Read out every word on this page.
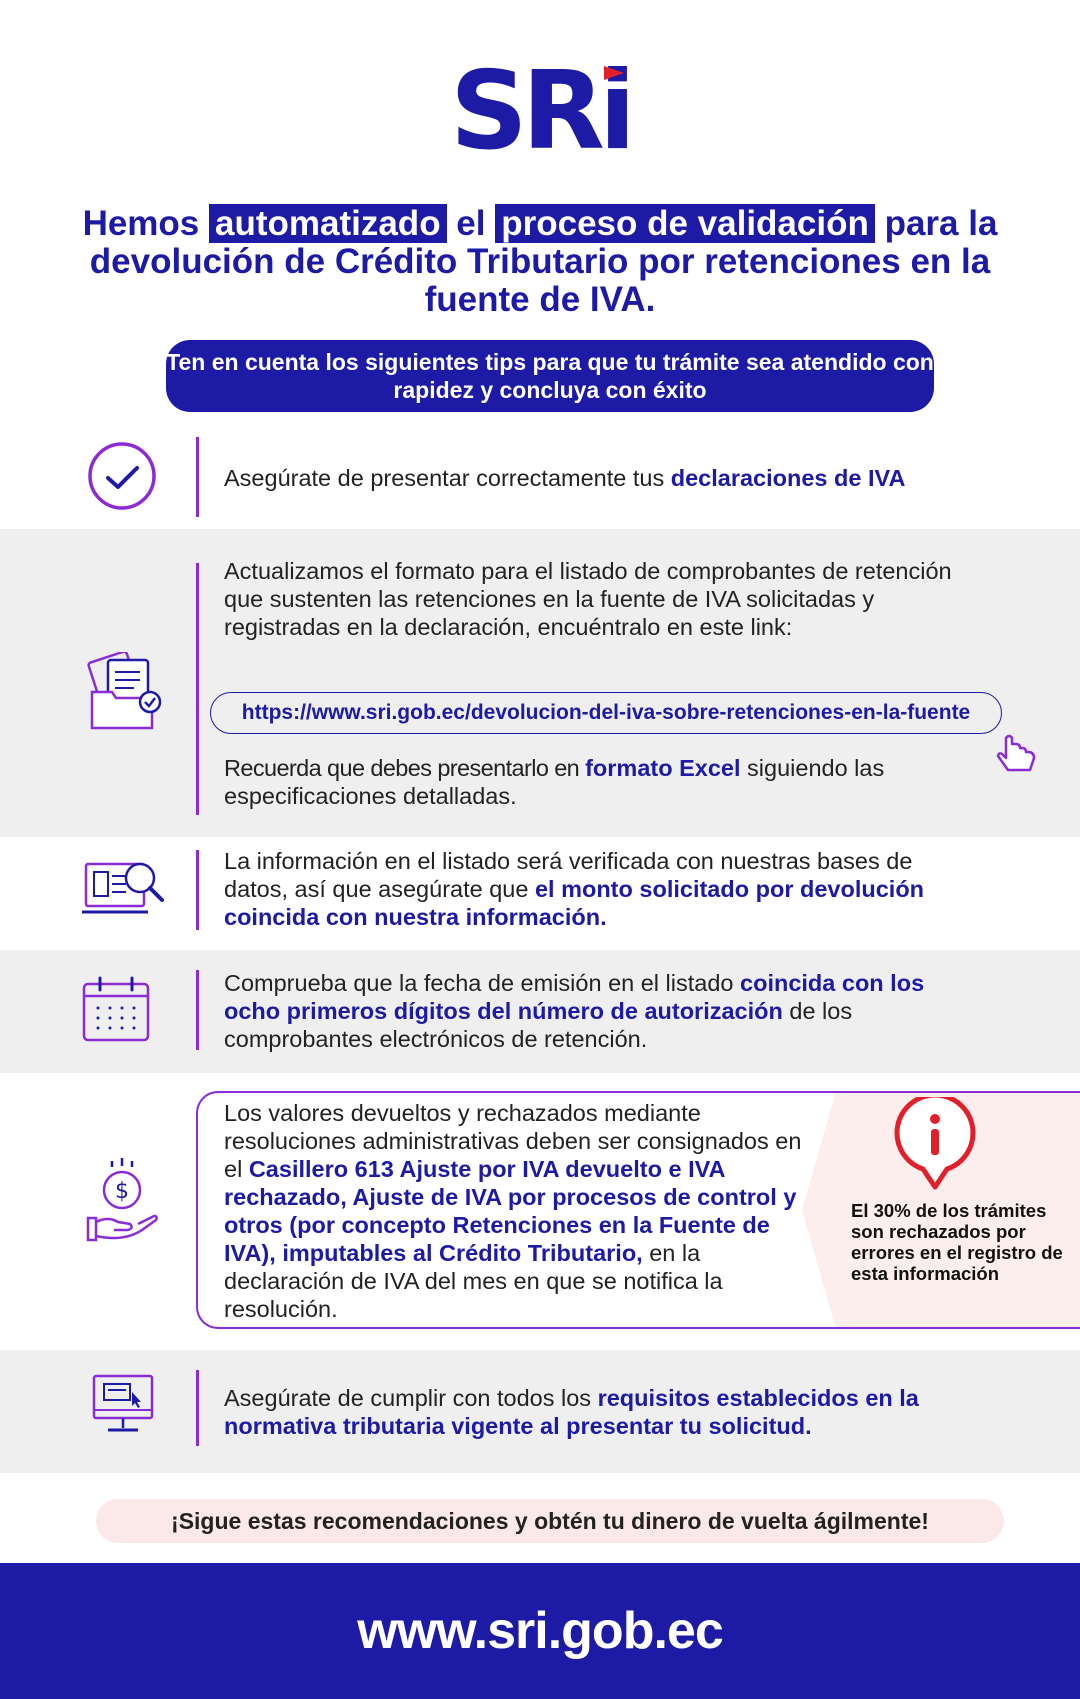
SRi
Hemos automatizado el proceso de validación para la devolución de Crédito Tributario por retenciones en la fuente de IVA.
Ten en cuenta los siguientes tips para que tu trámite sea atendido con rapidez y concluya con éxito
Asegúrate de presentar correctamente tus declaraciones de IVA
Actualizamos el formato para el listado de comprobantes de retención que sustenten las retenciones en la fuente de IVA solicitadas y registradas en la declaración, encuéntralo en este link:
https://www.sri.gob.ec/devolucion-del-iva-sobre-retenciones-en-la-fuente
Recuerda que debes presentarlo en formato Excel siguiendo las especificaciones detalladas.
La información en el listado será verificada con nuestras bases de datos, así que asegúrate que el monto solicitado por devolución coincida con nuestra información.
Comprueba que la fecha de emisión en el listado coincida con los ocho primeros dígitos del número de autorización de los comprobantes electrónicos de retención.
$
El 30% de los trámites son rechazados por errores en el registro de esta información
Los valores devueltos y rechazados mediante resoluciones administrativas deben ser consignados en el Casillero 613 Ajuste por IVA devuelto e IVA rechazado, Ajuste de IVA por procesos de control y otros (por concepto Retenciones en la Fuente de IVA), imputables al Crédito Tributario, en la declaración de IVA del mes en que se notifica la resolución.
Asegúrate de cumplir con todos los requisitos establecidos en la normativa tributaria vigente al presentar tu solicitud.
¡Sigue estas recomendaciones y obtén tu dinero de vuelta ágilmente!
www.sri.gob.ec
